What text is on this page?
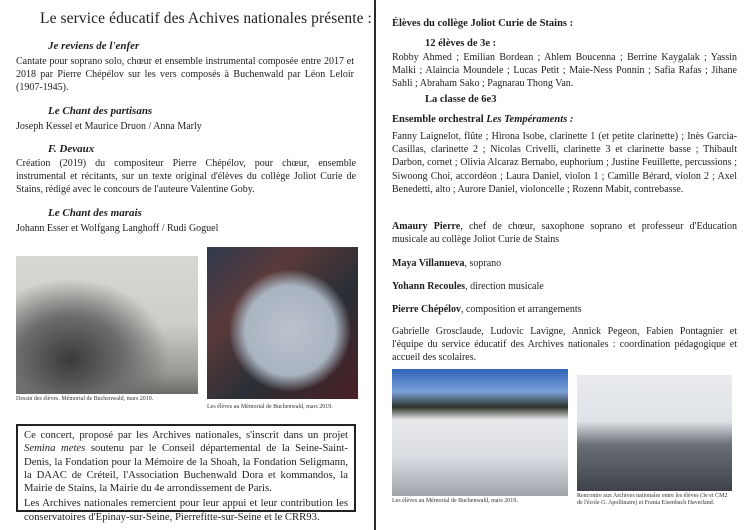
Le service éducatif des Achives nationales présente :
Je reviens de l'enfer
Cantate pour soprano solo, chœur et ensemble instrumental composée entre 2017 et 2018 par Pierre Chépélov sur les vers composés à Buchenwald par Léon Leloir (1907-1945).
Le Chant des partisans
Joseph Kessel et Maurice Druon / Anna Marly
F. Devaux
Création (2019) du compositeur Pierre Chépélov, pour chœur, ensemble instrumental et récitants, sur un texte original d'élèves du collège Joliot Curie de Stains, rédigé avec le concours de l'auteure Valentine Goby.
Le Chant des marais
Johann Esser et Wolfgang Langhoff / Rudi Goguel
Dessin des élèves. Mémorial de Buchenwald, mars 2019.
Les élèves au Mémorial de Buchenwald, mars 2019.

Ce concert, proposé par les Archives nationales, s'inscrit dans un projet Semina metes soutenu par le Conseil départemental de la Seine-Saint-Denis, la Fondation pour la Mémoire de la Shoah, la Fondation Seligmann, la DAAC de Créteil, l'Association Buchenwald Dora et kommandos, la Mairie de Stains, la Mairie du 4e arrondissement de Paris.

Les Archives nationales remercient pour leur appui et leur contribution les conservatoires d'Epinay-sur-Seine, Pierrefitte-sur-Seine et le CRR93.

Élèves du collège Joliot Curie de Stains :
12 élèves de 3e :
Robby Ahmed ; Emilian Bordean ; Ahlem Boucenna ; Berrine Kaygalak ; Yassin Malki ; Alaincia Moundele ; Lucas Petit ; Maie-Ness Ponnin ; Safia Rafas ; Jihane Sahli ; Abraham Sako ; Pagnarau Thong Van.
La classe de 6e3
Ensemble orchestral Les Tempéraments :
Fanny Laignelot, flûte ; Hirona Isobe, clarinette 1 (et petite clarinette) ; Inès Garcia-Casillas, clarinette 2 ; Nicolas Crivelli, clarinette 3 et clarinette basse ; Thibault Darbon, cornet ; Olivia Alcaraz Bernabo, euphorium ; Justine Feuillette, percussions ; Siwoong Choi, accordéon ; Laura Daniel, violon 1 ; Camille Bérard, violon 2 ; Axel Benedetti, alto ; Aurore Daniel, violoncelle ; Rozenn Mabit, contrebasse.
Amaury Pierre, chef de chœur, saxophone soprano et professeur d'Education musicale au collège Joliot Curie de Stains
Maya Villanueva, soprano
Yohann Recoules, direction musicale
Pierre Chépélov, composition et arrangements
Gabrielle Grosclaude, Ludovic Lavigne, Annick Pegeon, Fabien Pontagnier et l'équipe du service éducatif des Archives nationales : coordination pédagogique et accueil des scolaires.
Les élèves au Mémorial de Buchenwald, mars 2019.
Rencontre aux Archives nationales entre les élèves (3e et CM2
de l'école G. Apollinaire) et Frania Eisenbach Haverland.
